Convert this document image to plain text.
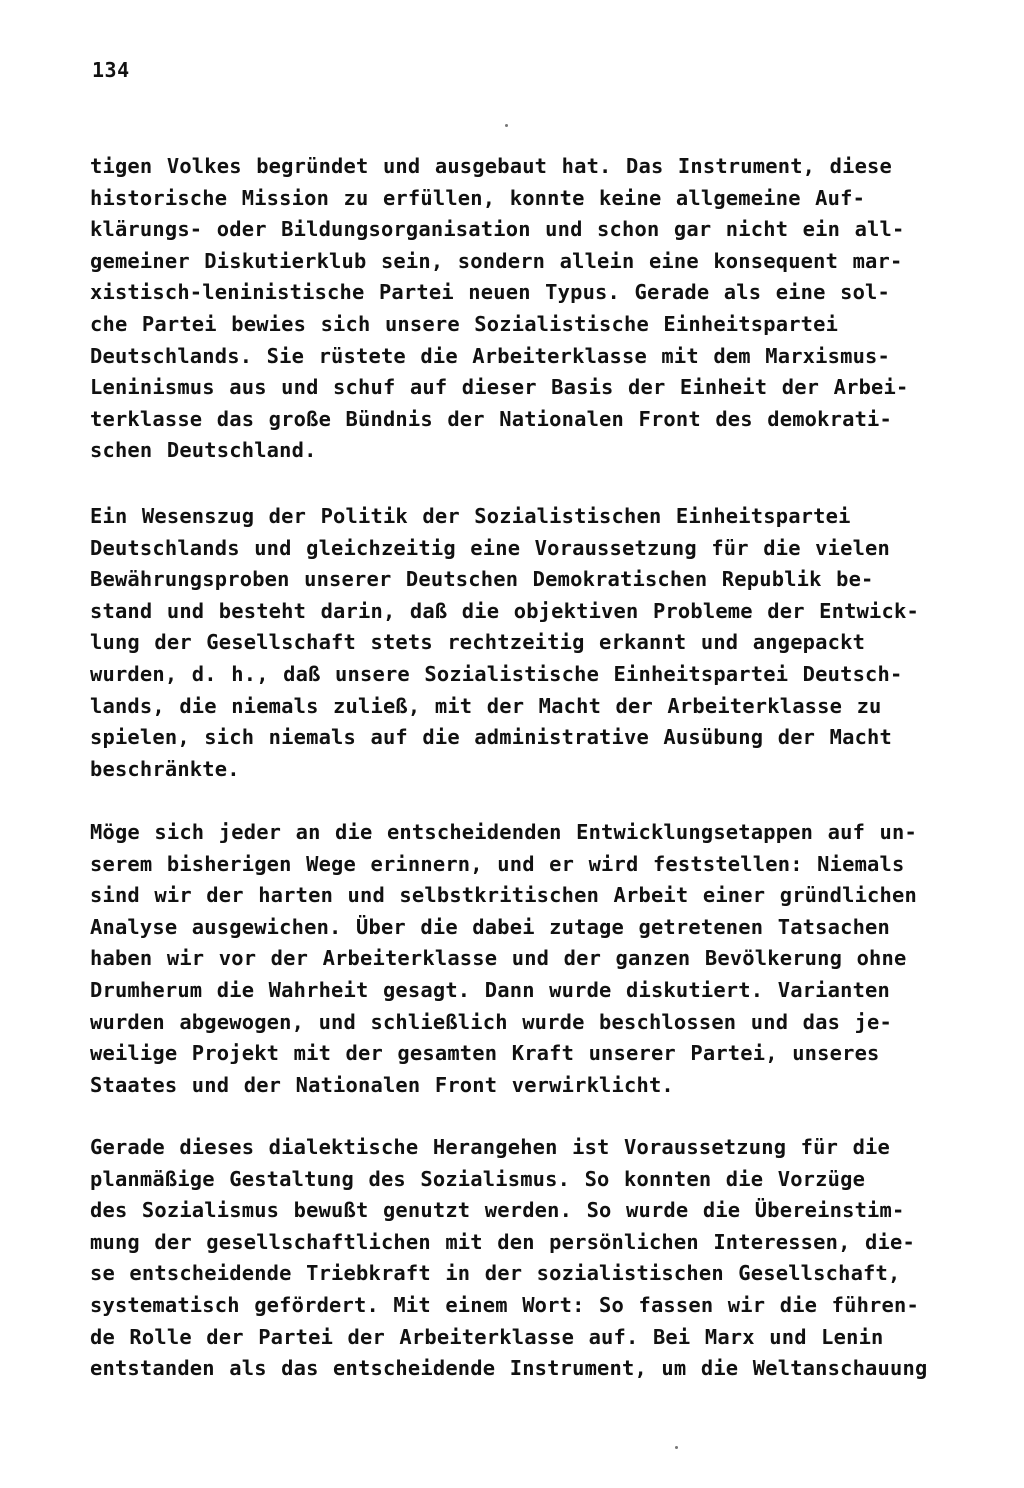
134
tigen Volkes begründet und ausgebaut hat. Das Instrument, diese
historische Mission zu erfüllen, konnte keine allgemeine Auf-
klärungs- oder Bildungsorganisation und schon gar nicht ein all-
gemeiner Diskutierklub sein, sondern allein eine konsequent mar-
xistisch-leninistische Partei neuen Typus. Gerade als eine sol-
che Partei bewies sich unsere Sozialistische Einheitspartei
Deutschlands. Sie rüstete die Arbeiterklasse mit dem Marxismus-
Leninismus aus und schuf auf dieser Basis der Einheit der Arbei-
terklasse das große Bündnis der Nationalen Front des demokrati-
schen Deutschland.
Ein Wesenszug der Politik der Sozialistischen Einheitspartei
Deutschlands und gleichzeitig eine Voraussetzung für die vielen
Bewährungsproben unserer Deutschen Demokratischen Republik be-
stand und besteht darin, daß die objektiven Probleme der Entwick-
lung der Gesellschaft stets rechtzeitig erkannt und angepackt
wurden, d. h., daß unsere Sozialistische Einheitspartei Deutsch-
lands, die niemals zuließ, mit der Macht der Arbeiterklasse zu
spielen, sich niemals auf die administrative Ausübung der Macht
beschränkte.
Möge sich jeder an die entscheidenden Entwicklungsetappen auf un-
serem bisherigen Wege erinnern, und er wird feststellen: Niemals
sind wir der harten und selbstkritischen Arbeit einer gründlichen
Analyse ausgewichen. Über die dabei zutage getretenen Tatsachen
haben wir vor der Arbeiterklasse und der ganzen Bevölkerung ohne
Drumherum die Wahrheit gesagt. Dann wurde diskutiert. Varianten
wurden abgewogen, und schließlich wurde beschlossen und das je-
weilige Projekt mit der gesamten Kraft unserer Partei, unseres
Staates und der Nationalen Front verwirklicht.
Gerade dieses dialektische Herangehen ist Voraussetzung für die
planmäßige Gestaltung des Sozialismus. So konnten die Vorzüge
des Sozialismus bewußt genutzt werden. So wurde die Übereinstim-
mung der gesellschaftlichen mit den persönlichen Interessen, die-
se entscheidende Triebkraft in der sozialistischen Gesellschaft,
systematisch gefördert. Mit einem Wort: So fassen wir die führen-
de Rolle der Partei der Arbeiterklasse auf. Bei Marx und Lenin
entstanden als das entscheidende Instrument, um die Weltanschauung
